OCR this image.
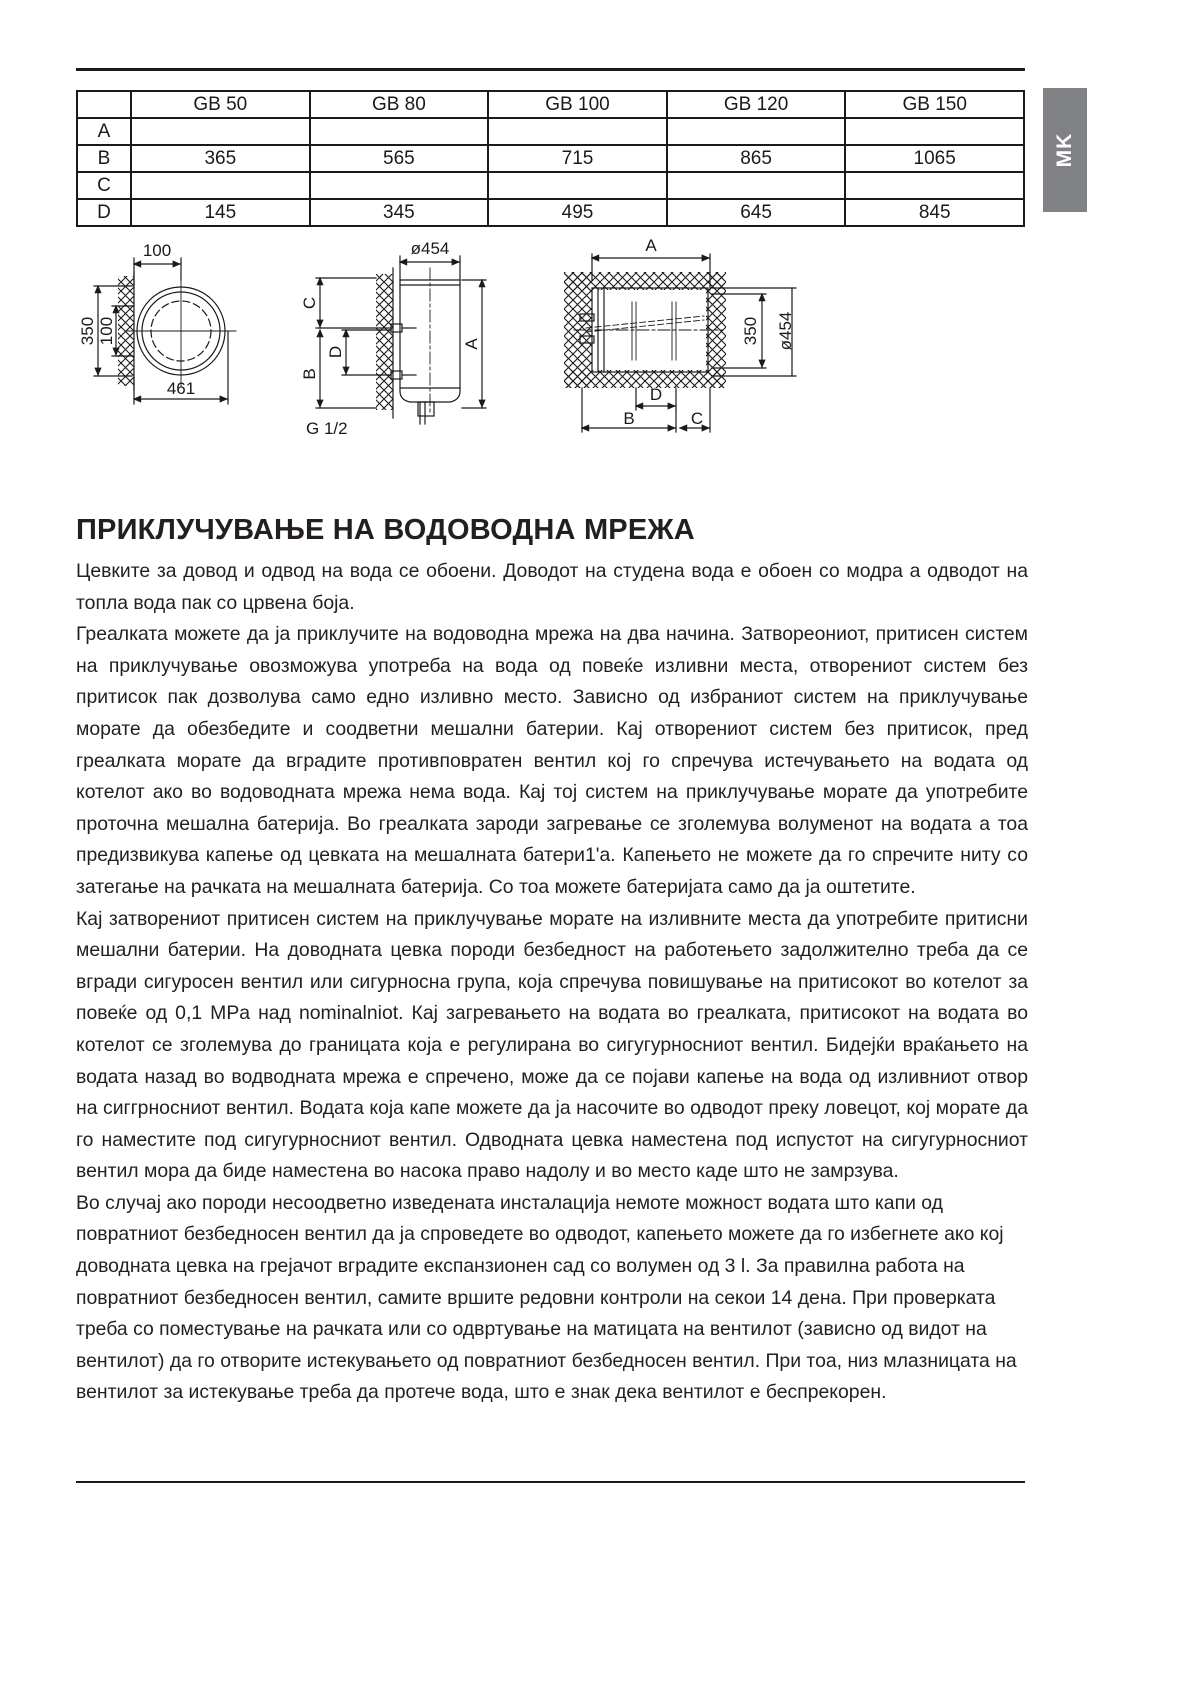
MK
	GB 50	GB 80	GB 100	GB 120	GB 150
A					
B	365	565	715	865	1065
C					
D	145	345	495	645	845
100
350 100
461
ø454
A
C
B
D
G 1/2
A
350 ø454
D
B	C
ПРИКЛУЧУВАЊЕ НА ВОДОВОДНА МРЕЖА

Цевките за довод и одвод на вода се обоени. Доводот на студена вода е обоен со модра а одводот на топла вода пак со црвена боја.

Греалката можете да ја приклучите на водоводна мрежа на два начина. Затвореониот, притисен систем на приклучување овозможува употреба на вода од повеќе изливни места, отворениот систем без притисок пак дозволува само едно изливно место. Зависно од избраниот систем на приклучување морате да обезбедите и соодветни мешални батерии. Кај отворениот систем без притисок, пред греалката морате да вградите противповратен вентил кој го спречува истечувањето на водата од котелот ако во водоводната мрежа нема вода. Кај тој систем на приклучување морате да употребите проточна мешална батерија. Во греалката зароди загревање се зголемува волуменот на водата а тоа предизвикува капење од цевката на мешалната батери1'а. Капењето не можете да го спречите ниту со затегање на рачката на мешалната батерија. Со тоа можете батеријата само да ја оштетите.

Кај затворениот притисен систем на приклучување морате на изливните места да употребите притисни мешални батерии. На доводната цевка породи безбедност на работењето задолжително треба да се вгради сигуросен вентил или сигурносна група, која спречува повишување на притисокот во котелот за повеќе од 0,1 MPa над nominalniot. Кај загревањето на водата во греалката, притисокот на водата во котелот се зголемува до границата која е регулирана во сигугурносниот вентил. Бидејќи враќањето на водата назад во водводната мрежа е спречено, може да се појави капење на вода од изливниот отвор на сиггрносниот вентил. Водата која капе можете да ја насочите во одводот преку ловецот, кој морате да го наместите под сигугурносниот вентил. Одводната цевка наместена под испустот на сигугурносниот вентил мора да биде наместена во насока право надолу и во место каде што не замрзува.

Во случај ако породи несоодветно изведената инсталација немоте можност водата што капи од повратниот безбедносен вентил да ја спроведете во одводот, капењето можете да го избегнете ако кој доводната цевка на грејачот вградите експанзионен сад со волумен од 3 l. За правилна работа на повратниот безбедносен вентил, самите вршите редовни контроли на секои 14 дена. При проверката треба со поместување на рачката или со одвртување на матицата на вентилот (зависно од видот на вентилот) да го отворите истекувањето од повратниот безбедносен вентил. При тоа, низ млазницата на вентилот за истекување треба да протече вода, што е знак дека вентилот е беспрекорен.
